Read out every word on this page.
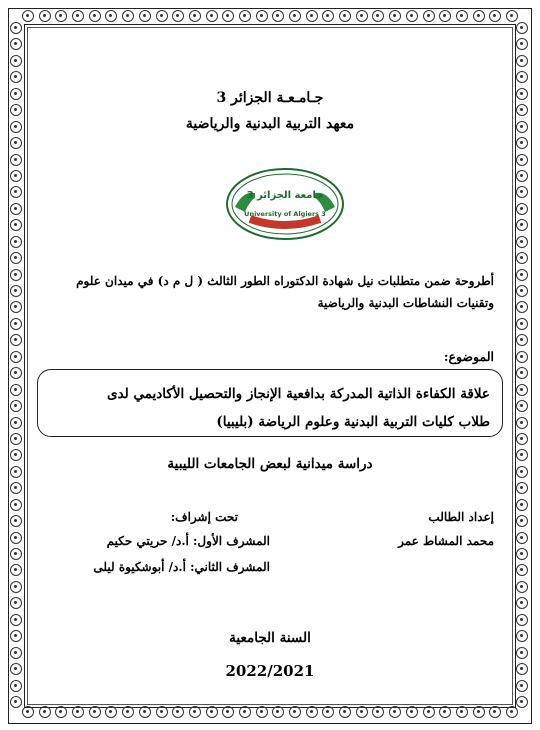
جـامـعـة الجزائر 3
معهد التربية البدنية والرياضية
جامعة الجزائر 3
University of Algiers 3
أطروحة ضمن متطلبات نيل شهادة الدكتوراه الطور الثالث ( ل م د) في ميدان علوم
وتقنيات النشاطات البدنية والرياضية
الموضوع:
علاقة الكفاءة الذاتية المدركة بدافعية الإنجاز والتحصيل الأكاديمي لدى
طلاب كليات التربية البدنية وعلوم الرياضة (بليبيا)
دراسة ميدانية لبعض الجامعات الليبية
إعداد الطالب
محمد المشاط عمر
تحت إشراف:
المشرف الأول: أ.د/ حريتي حكيم
المشرف الثاني: أ.د/ أبوشكيوة ليلى
السنة الجامعية
2022/2021
